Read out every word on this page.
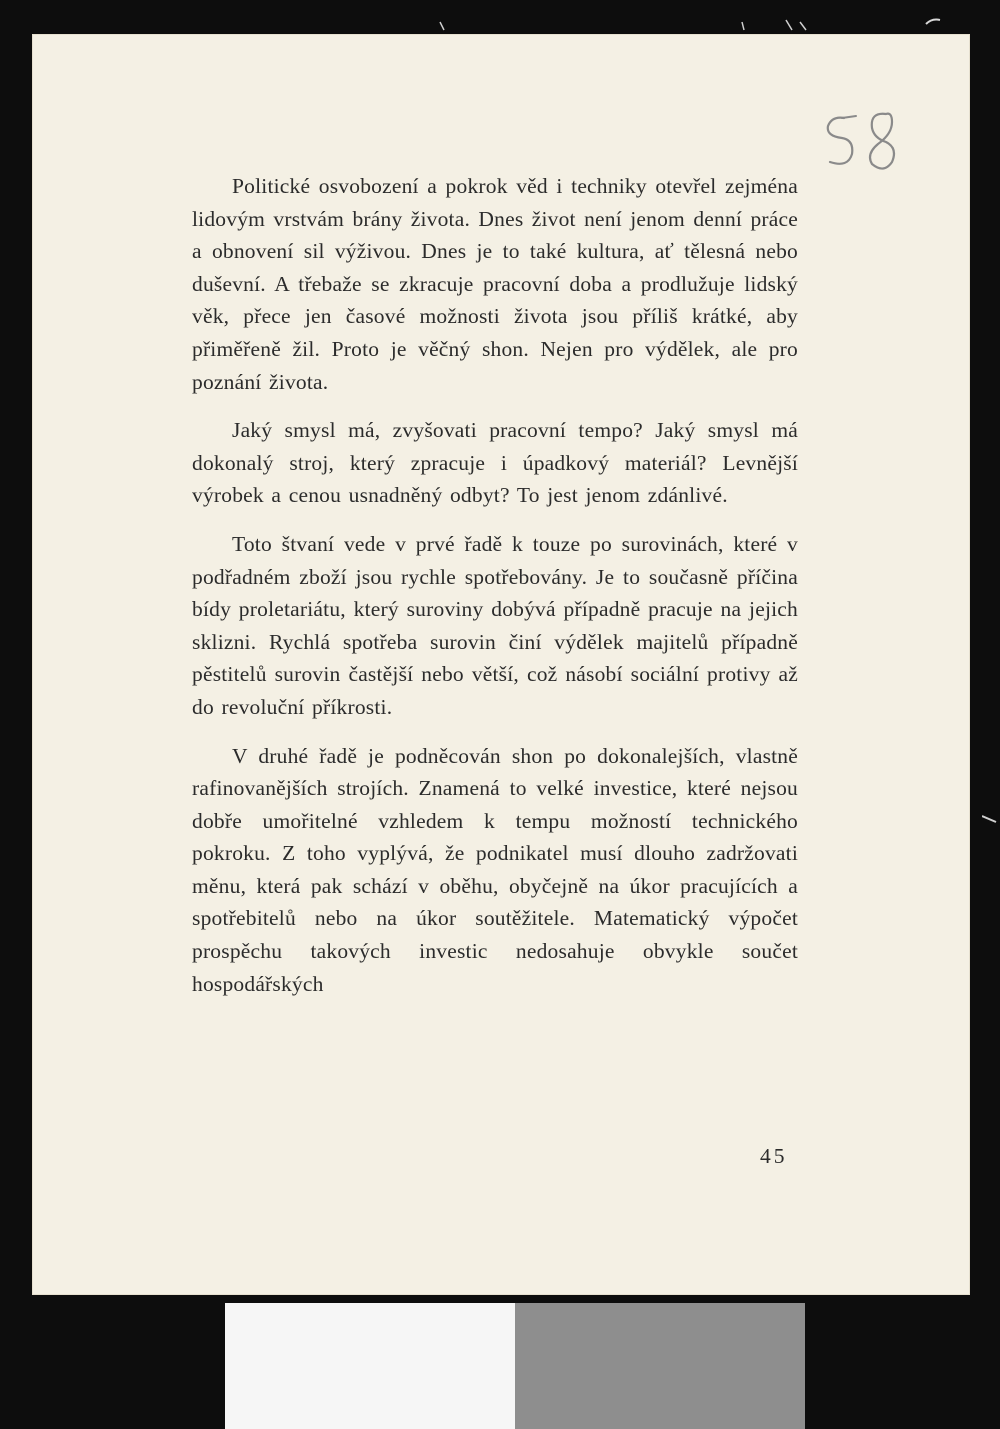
Politické osvobození a pokrok věd i techniky otevřel zejména lidovým vrstvám brány života. Dnes život není jenom denní práce a obnovení sil výživou. Dnes je to také kultura, ať tělesná nebo duševní. A třebaže se zkracuje pracovní doba a prodlužuje lidský věk, přece jen časové možnosti života jsou příliš krátké, aby přiměřeně žil. Proto je věčný shon. Nejen pro výdělek, ale pro poznání života.

Jaký smysl má, zvyšovati pracovní tempo? Jaký smysl má dokonalý stroj, který zpracuje i úpadkový materiál? Levnější výrobek a cenou usnadněný odbyt? To jest jenom zdánlivé.

Toto štvaní vede v prvé řadě k touze po surovinách, které v podřadném zboží jsou rychle spotřebovány. Je to současně příčina bídy proletariátu, který suroviny dobývá případně pracuje na jejich sklizni. Rychlá spotřeba surovin činí výdělek majitelů případně pěstitelů surovin častější nebo větší, což násobí sociální protivy až do revoluční příkrosti.

V druhé řadě je podněcován shon po dokonalejších, vlastně rafinovanějších strojích. Znamená to velké investice, které nejsou dobře umořitelné vzhledem k tempu možností technického pokroku. Z toho vyplývá, že podnikatel musí dlouho zadržovati měnu, která pak schází v oběhu, obyčejně na úkor pracujících a spotřebitelů nebo na úkor soutěžitele. Matematický výpočet prospěchu takových investic nedosahuje obvykle součet hospodářských

45
